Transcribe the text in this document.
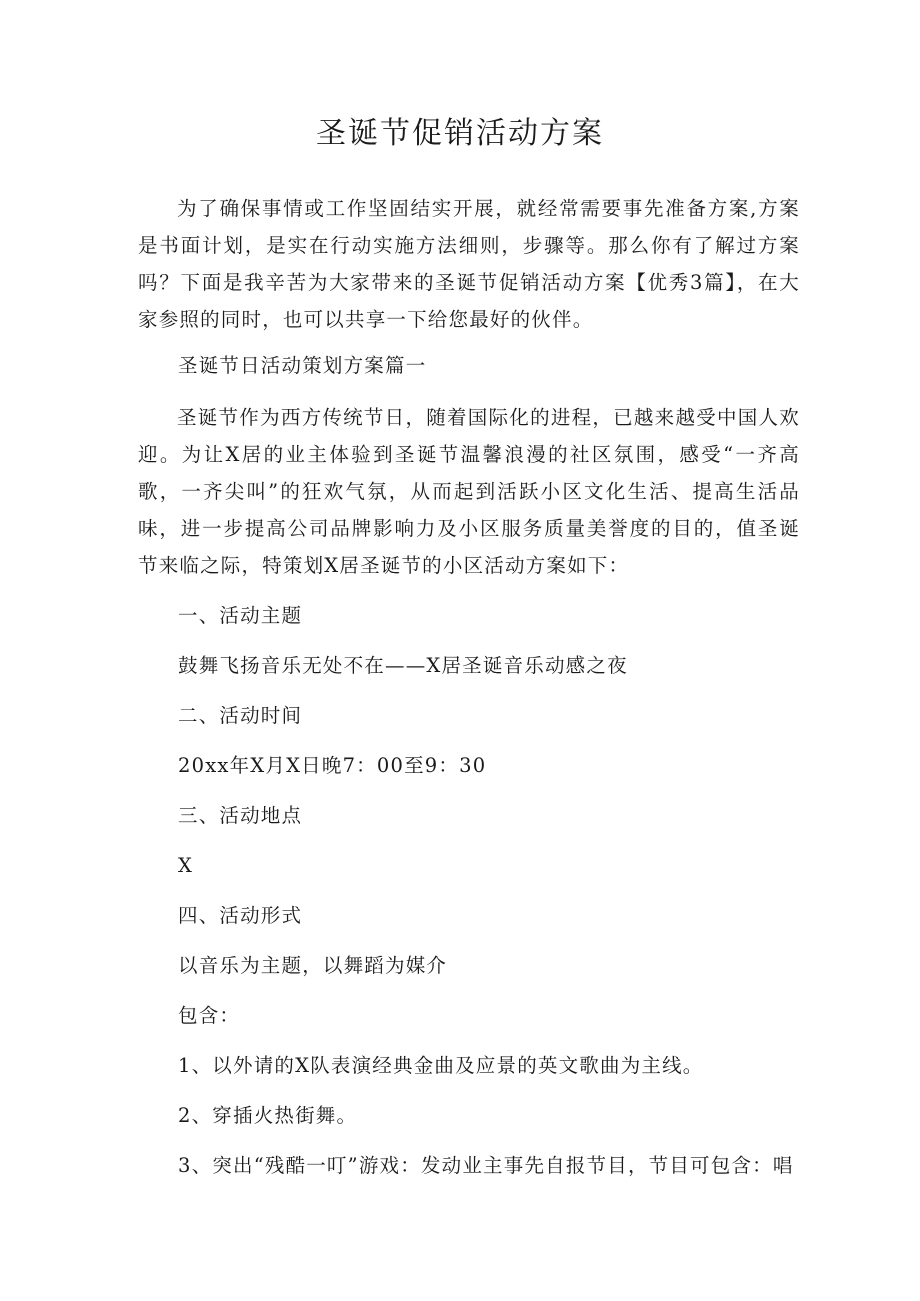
圣诞节促销活动方案

为了确保事情或工作坚固结实开展，就经常需要事先准备方案,方案是书面计划，是实在行动实施方法细则，步骤等。那么你有了解过方案吗？下面是我辛苦为大家带来的圣诞节促销活动方案【优秀3篇】，在大家参照的同时，也可以共享一下给您最好的伙伴。

圣诞节日活动策划方案篇一

圣诞节作为西方传统节日，随着国际化的进程，已越来越受中国人欢迎。为让X居的业主体验到圣诞节温馨浪漫的社区氛围，感受“一齐高歌，一齐尖叫”的狂欢气氛，从而起到活跃小区文化生活、提高生活品味，进一步提高公司品牌影响力及小区服务质量美誉度的目的，值圣诞节来临之际，特策划X居圣诞节的小区活动方案如下：

一、活动主题

鼓舞飞扬音乐无处不在——X居圣诞音乐动感之夜

二、活动时间

20xx年X月X日晚7：00至9：30

三、活动地点

X

四、活动形式

以音乐为主题，以舞蹈为媒介

包含：

1、以外请的X队表演经典金曲及应景的英文歌曲为主线。

2、穿插火热街舞。

3、突出“残酷一叮”游戏：发动业主事先自报节目，节目可包含：唱
